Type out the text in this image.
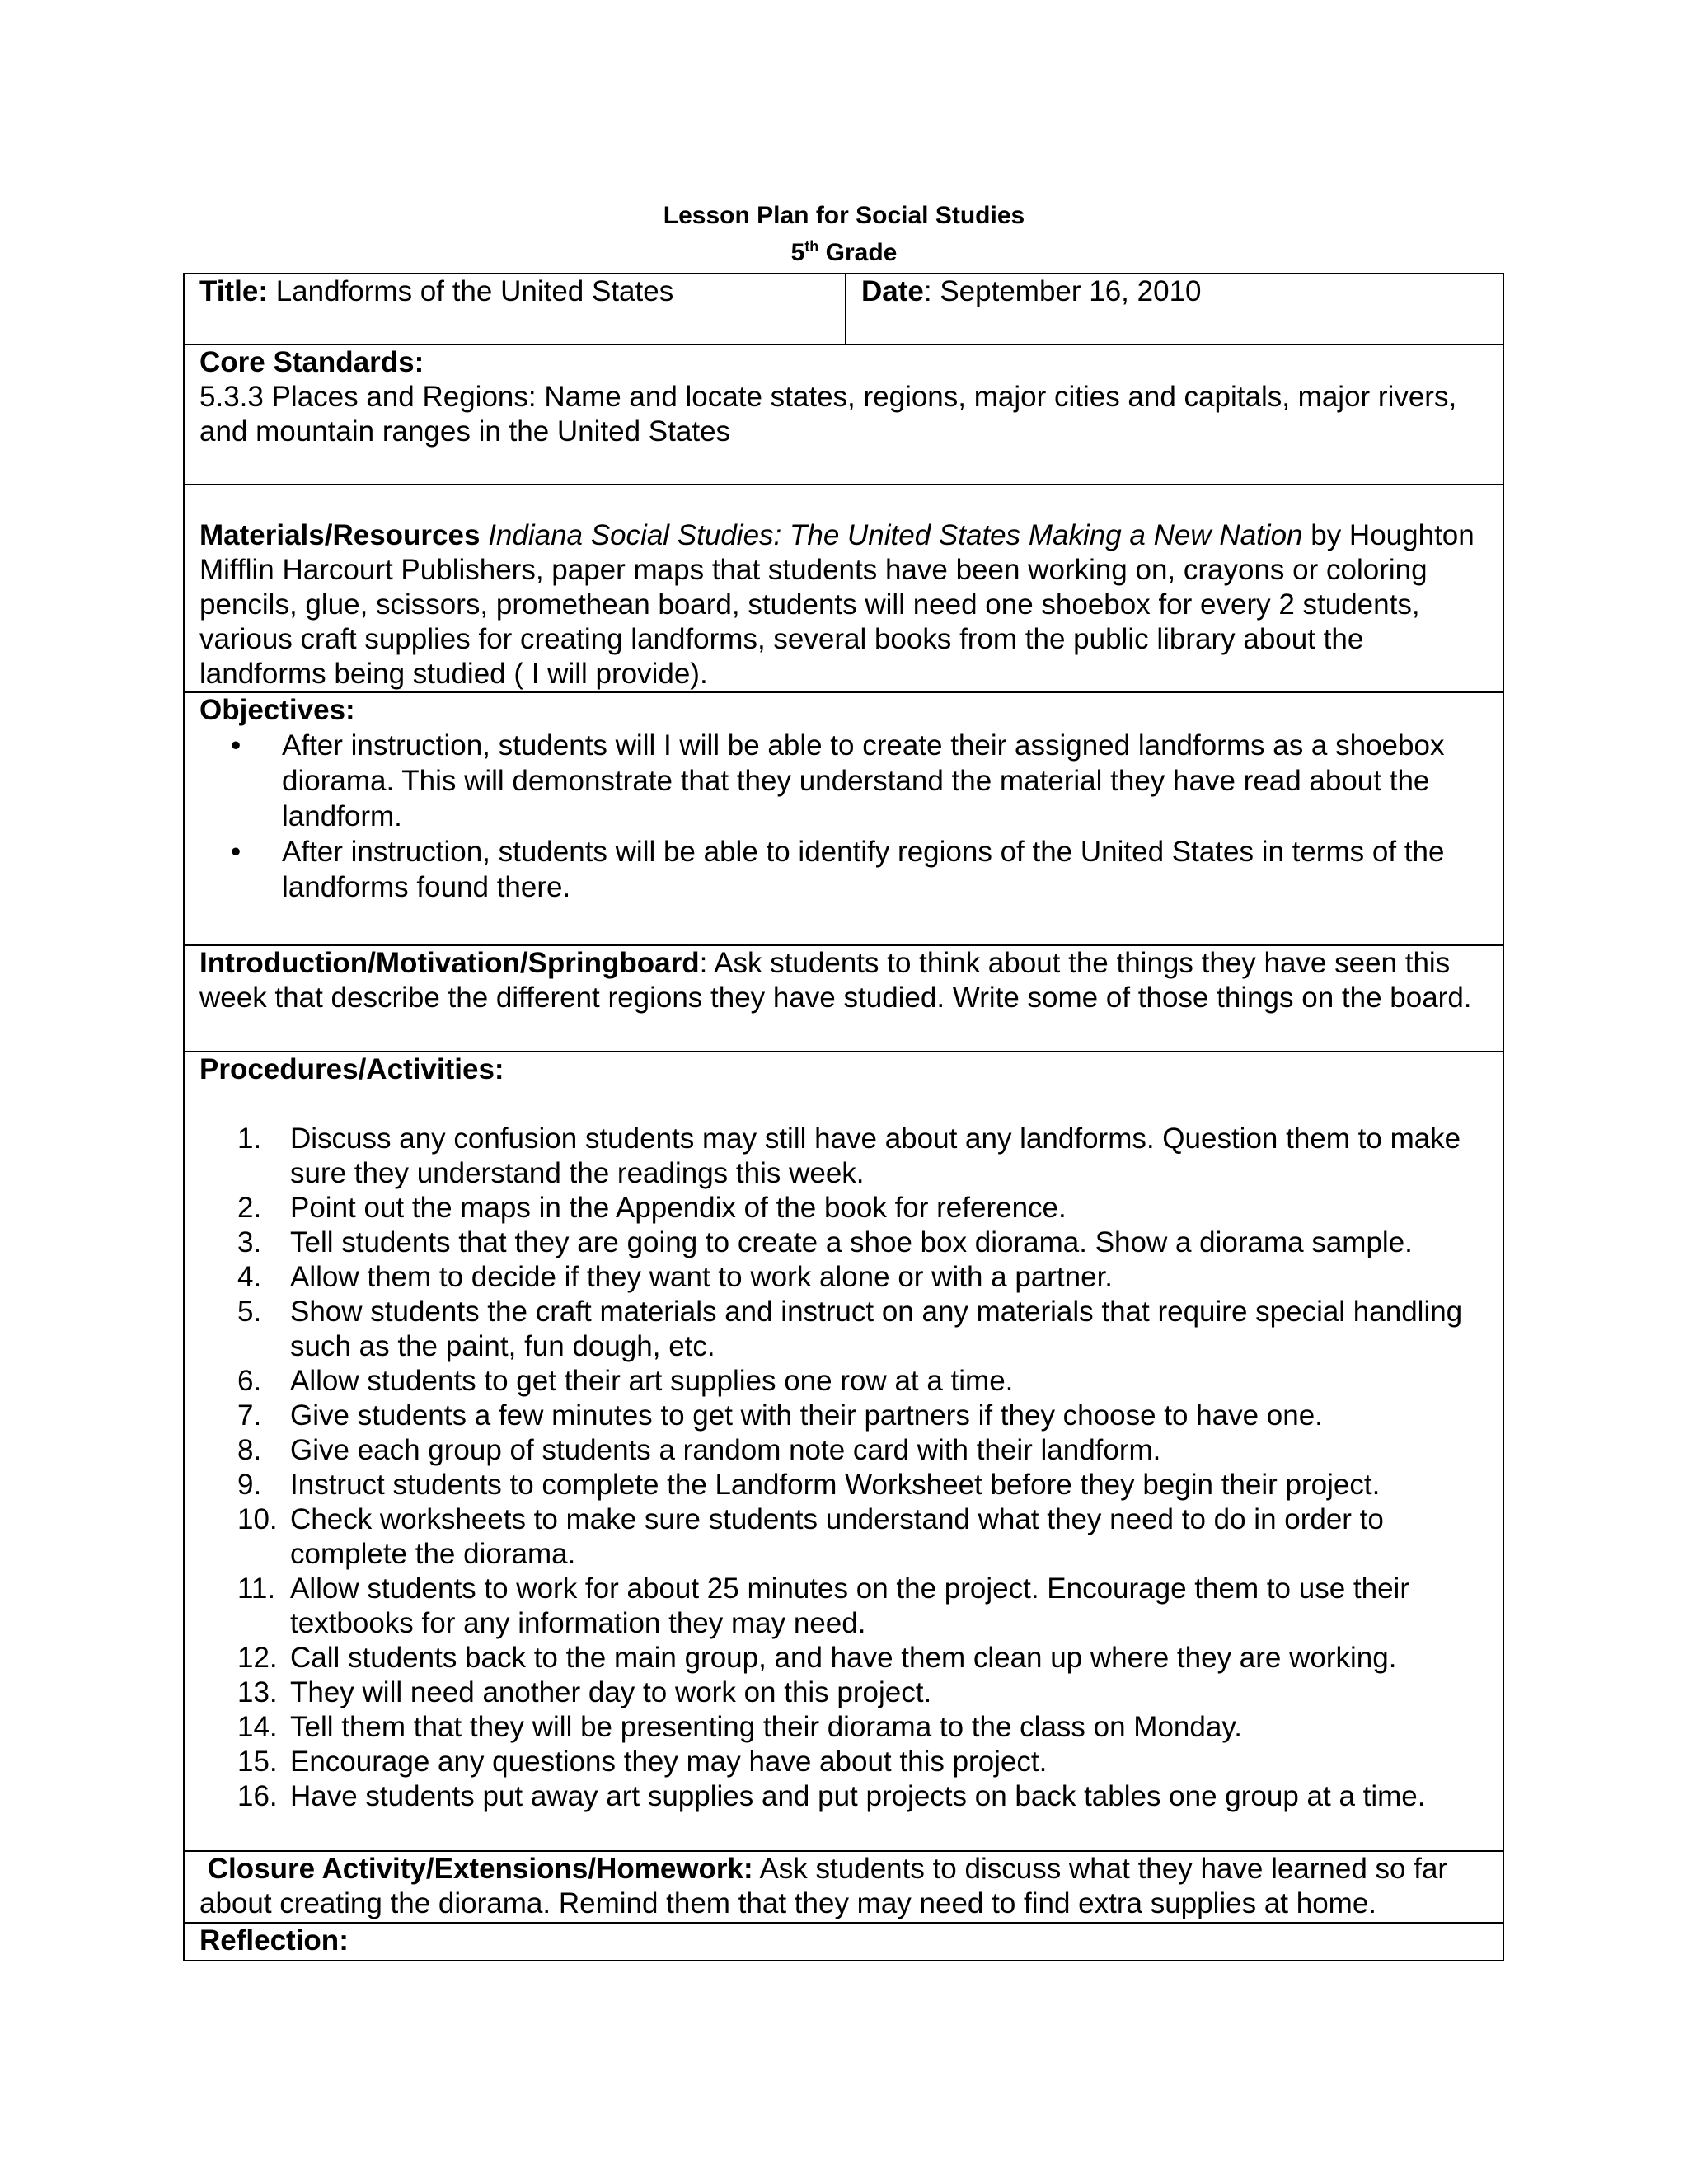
Lesson Plan for Social Studies
5th Grade
Title: Landforms of the United States	Date: September 16, 2010
Core Standards:
5.3.3 Places and Regions: Name and locate states, regions, major cities and capitals, major rivers, and mountain ranges in the United States
Materials/Resources Indiana Social Studies: The United States Making a New Nation by Houghton Mifflin Harcourt Publishers, paper maps that students have been working on, crayons or coloring pencils, glue, scissors, promethean board, students will need one shoebox for every 2 students, various craft supplies for creating landforms, several books from the public library about the landforms being studied ( I will provide).
Objectives:
• After instruction, students will I will be able to create their assigned landforms as a shoebox diorama. This will demonstrate that they understand the material they have read about the landform.
• After instruction, students will be able to identify regions of the United States in terms of the landforms found there.
Introduction/Motivation/Springboard: Ask students to think about the things they have seen this week that describe the different regions they have studied. Write some of those things on the board.
Procedures/Activities:
1. Discuss any confusion students may still have about any landforms. Question them to make sure they understand the readings this week.
2. Point out the maps in the Appendix of the book for reference.
3. Tell students that they are going to create a shoe box diorama. Show a diorama sample.
4. Allow them to decide if they want to work alone or with a partner.
5. Show students the craft materials and instruct on any materials that require special handling such as the paint, fun dough, etc.
6. Allow students to get their art supplies one row at a time.
7. Give students a few minutes to get with their partners if they choose to have one.
8. Give each group of students a random note card with their landform.
9. Instruct students to complete the Landform Worksheet before they begin their project.
10. Check worksheets to make sure students understand what they need to do in order to complete the diorama.
11. Allow students to work for about 25 minutes on the project. Encourage them to use their textbooks for any information they may need.
12. Call students back to the main group, and have them clean up where they are working.
13. They will need another day to work on this project.
14. Tell them that they will be presenting their diorama to the class on Monday.
15. Encourage any questions they may have about this project.
16. Have students put away art supplies and put projects on back tables one group at a time.
Closure Activity/Extensions/Homework: Ask students to discuss what they have learned so far about creating the diorama. Remind them that they may need to find extra supplies at home.
Reflection:
